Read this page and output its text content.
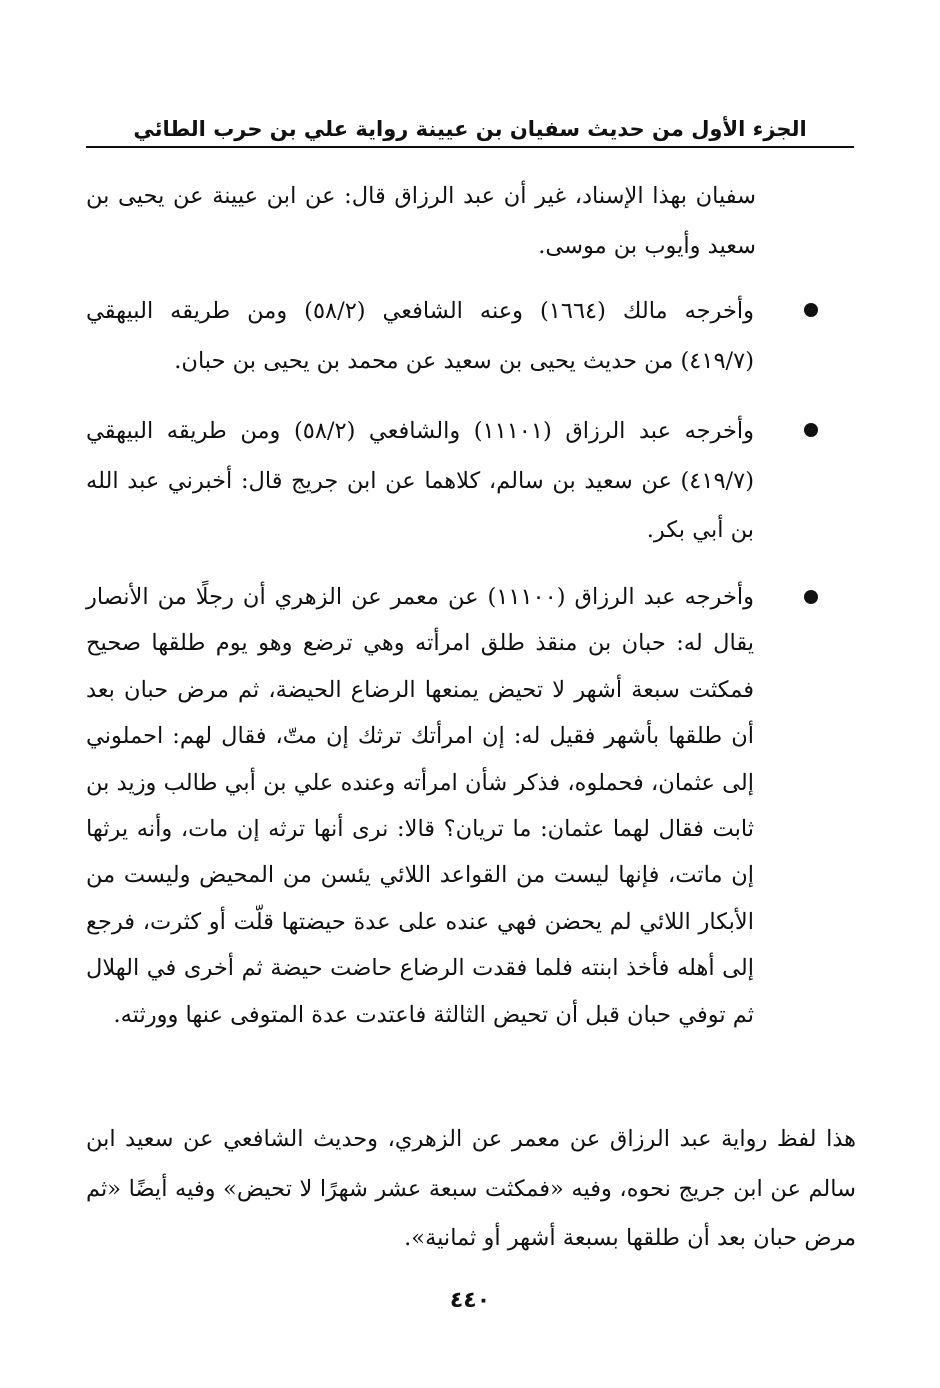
الجزء الأول من حديث سفيان بن عيينة رواية علي بن حرب الطائي
سفيان بهذا الإسناد، غير أن عبد الرزاق قال: عن ابن عيينة عن يحيى بن سعيد وأيوب بن موسى.
وأخرجه مالك (١٦٦٤) وعنه الشافعي (٥٨/٢) ومن طريقه البيهقي (٤١٩/٧) من حديث يحيى بن سعيد عن محمد بن يحيى بن حبان.
وأخرجه عبد الرزاق (١١١٠١) والشافعي (٥٨/٢) ومن طريقه البيهقي (٤١٩/٧) عن سعيد بن سالم، كلاهما عن ابن جريج قال: أخبرني عبد الله بن أبي بكر.
وأخرجه عبد الرزاق (١١١٠٠) عن معمر عن الزهري أن رجلًا من الأنصار يقال له: حبان بن منقذ طلق امرأته وهي ترضع وهو يوم طلقها صحيح فمكثت سبعة أشهر لا تحيض يمنعها الرضاع الحيضة، ثم مرض حبان بعد أن طلقها بأشهر فقيل له: إن امرأتك ترثك إن متّ، فقال لهم: احملوني إلى عثمان، فحملوه، فذكر شأن امرأته وعنده علي بن أبي طالب وزيد بن ثابت فقال لهما عثمان: ما تريان؟ قالا: نرى أنها ترثه إن مات، وأنه يرثها إن ماتت، فإنها ليست من القواعد اللائي يئسن من المحيض وليست من الأبكار اللائي لم يحضن فهي عنده على عدة حيضتها قلّت أو كثرت، فرجع إلى أهله فأخذ ابنته فلما فقدت الرضاع حاضت حيضة ثم أخرى في الهلال ثم توفي حبان قبل أن تحيض الثالثة فاعتدت عدة المتوفى عنها وورثته.
هذا لفظ رواية عبد الرزاق عن معمر عن الزهري، وحديث الشافعي عن سعيد ابن سالم عن ابن جريج نحوه، وفيه «فمكثت سبعة عشر شهرًا لا تحيض» وفيه أيضًا «ثم مرض حبان بعد أن طلقها بسبعة أشهر أو ثمانية».
٤٤٠
